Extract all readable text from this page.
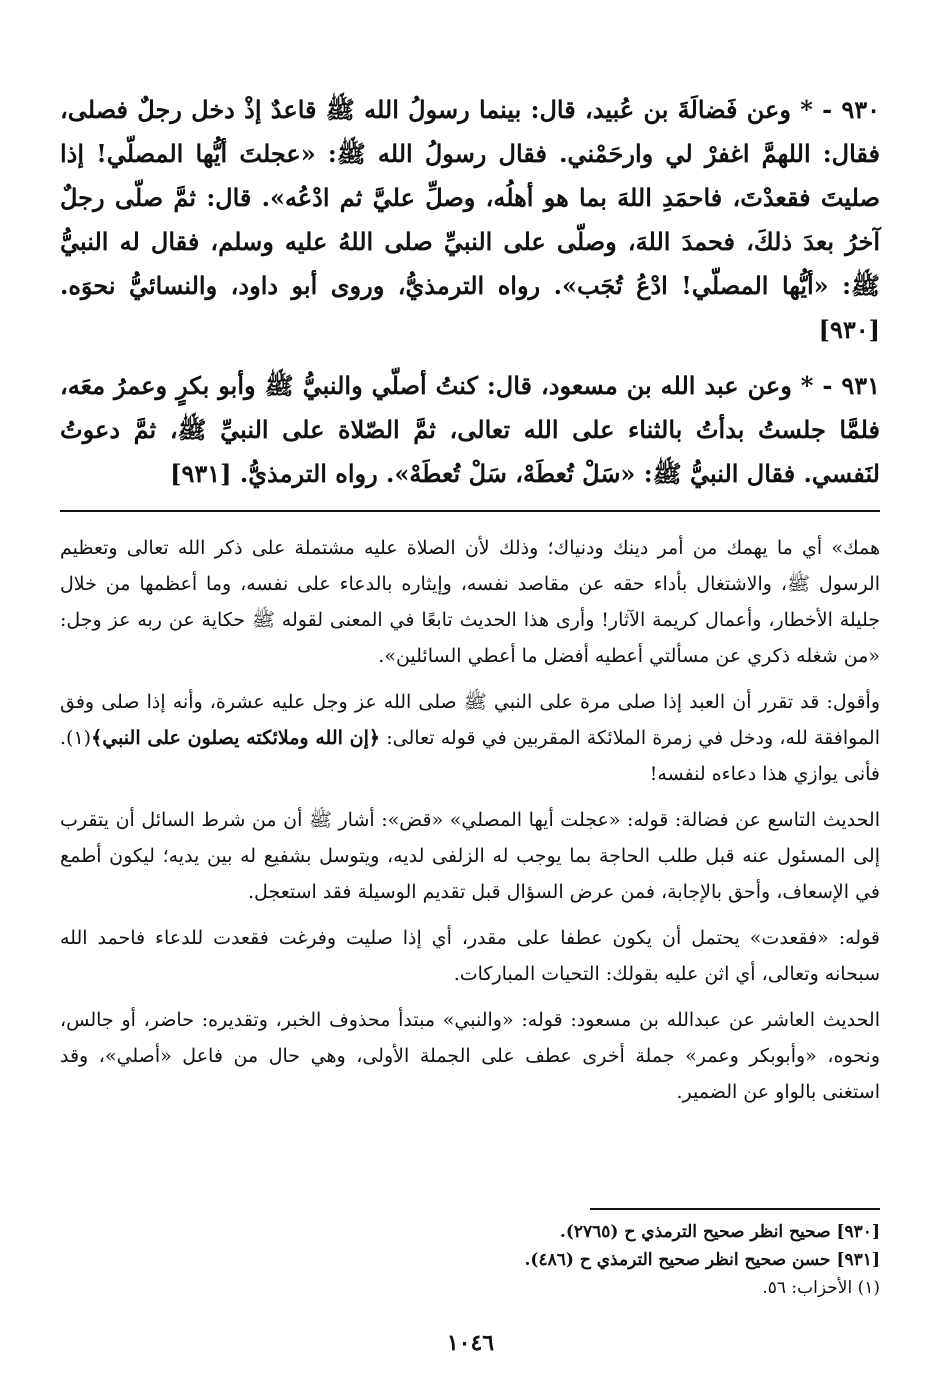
٩٣٠ - * وعن فَضالَةَ بن عُبيد، قال: بينما رسولُ الله ﷺ قاعدٌ إذْ دخل رجلٌ فصلى، فقال: اللهمَّ اغفرْ لي وارحَمْني. فقال رسولُ الله ﷺ: «عجلتَ أيُّها المصلّي! إذا صليتَ فقعدْتَ، فاحمَدِ اللهَ بما هو أهلُه، وصلِّ عليَّ ثم ادْعُه». قال: ثمَّ صلّى رجلٌ آخرُ بعدَ ذلكَ، فحمدَ اللهَ، وصلّى على النبيِّ صلى اللهُ عليه وسلم، فقال له النبيُّ ﷺ: «أيُّها المصلّي! ادْعُ تُجَب». رواه الترمذيُّ، وروى أبو داود، والنسائيُّ نحوَه. [٩٣٠]

٩٣١ - * وعن عبد الله بن مسعود، قال: كنتُ أصلّي والنبيُّ ﷺ وأبو بكرٍ وعمرُ معَه، فلمَّا جلستُ بدأتُ بالثناء على الله تعالى، ثمَّ الصّلاة على النبيِّ ﷺ، ثمَّ دعوتُ لنَفسي. فقال النبيُّ ﷺ: «سَلْ تُعطَهْ، سَلْ تُعطَهْ». رواه الترمذيُّ. [٩٣١]

همك» أي ما يهمك من أمر دينك ودنياك؛ وذلك لأن الصلاة عليه مشتملة على ذكر الله تعالى وتعظيم الرسول ﷺ، والاشتغال بأداء حقه عن مقاصد نفسه، وإيثاره بالدعاء على نفسه، وما أعظمها من خلال جليلة الأخطار، وأعمال كريمة الآثار! وأرى هذا الحديث تابعًا في المعنى لقوله ﷺ حكاية عن ربه عز وجل: «من شغله ذكري عن مسألتي أعطيه أفضل ما أعطي السائلين».

وأقول: قد تقرر أن العبد إذا صلى مرة على النبي ﷺ صلى الله عز وجل عليه عشرة، وأنه إذا صلى وفق الموافقة لله، ودخل في زمرة الملائكة المقربين في قوله تعالى: ﴿إن الله وملائكته يصلون على النبي﴾(١). فأنى يوازي هذا دعاءه لنفسه!

الحديث التاسع عن فضالة: قوله: «عجلت أيها المصلي» «قض»: أشار ﷺ أن من شرط السائل أن يتقرب إلى المسئول عنه قبل طلب الحاجة بما يوجب له الزلفى لديه، ويتوسل بشفيع له بين يديه؛ ليكون أطمع في الإسعاف، وأحق بالإجابة، فمن عرض السؤال قبل تقديم الوسيلة فقد استعجل.

قوله: «فقعدت» يحتمل أن يكون عطفا على مقدر، أي إذا صليت وفرغت فقعدت للدعاء فاحمد الله سبحانه وتعالى، أي اثن عليه بقولك: التحيات المباركات.

الحديث العاشر عن عبدالله بن مسعود: قوله: «والنبي» مبتدأ محذوف الخبر، وتقديره: حاضر، أو جالس، ونحوه، «وأبوبكر وعمر» جملة أخرى عطف على الجملة الأولى، وهي حال من فاعل «أصلي»، وقد استغنى بالواو عن الضمير.

[٩٣٠] صحيح انظر صحيح الترمذي ح (٢٧٦٥).

[٩٣١] حسن صحيح انظر صحيح الترمذي ح (٤٨٦).

(١) الأحزاب: ٥٦.

١٠٤٦
